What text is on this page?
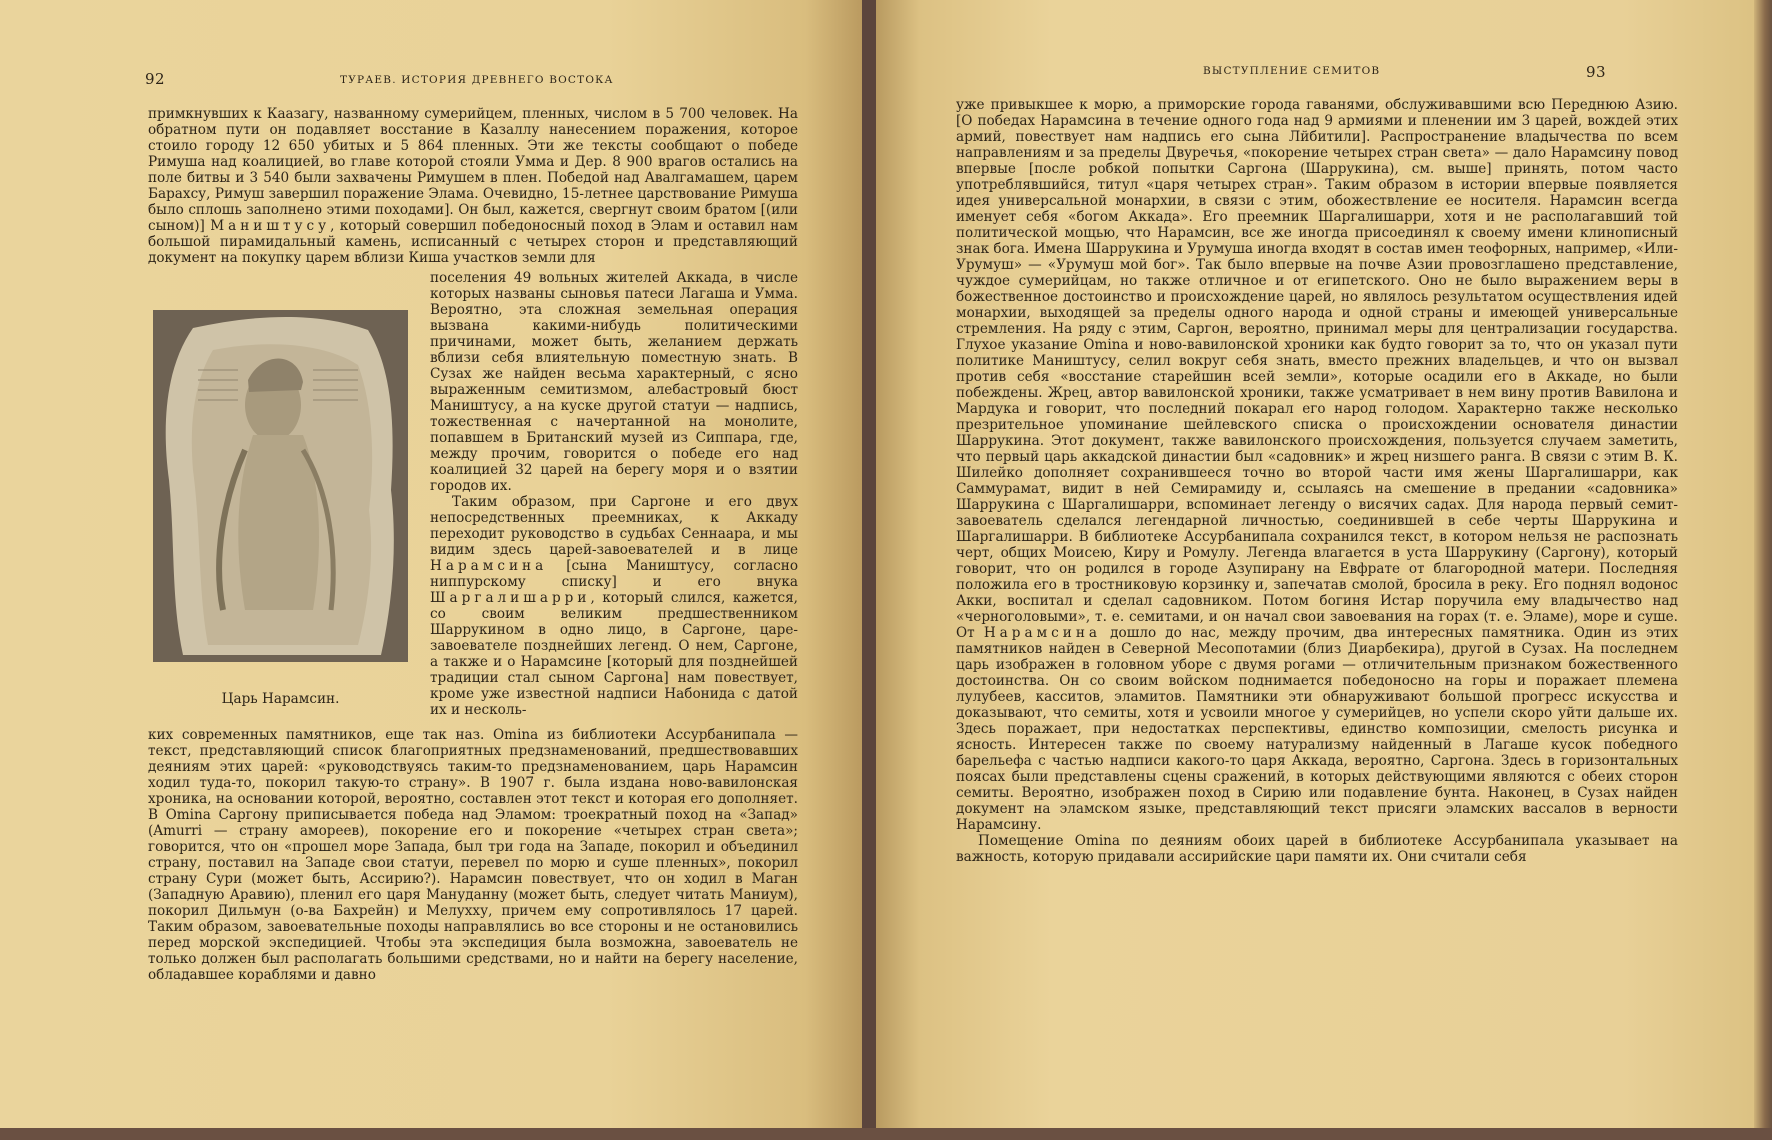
92	ТУРАЕВ. ИСТОРИЯ ДРЕВНЕГО ВОСТОКА

примкнувших к Каазагу, названному сумерийцем, пленных, числом в 5 700 человек. На обратном пути он подавляет восстание в Казаллу нанесением поражения, которое стоило городу 12 650 убитых и 5 864 пленных. Эти же тексты сообщают о победе Римуша над коалицией, во главе которой стояли Умма и Дер. 8 900 врагов остались на поле битвы и 3 540 были захвачены Римушем в плен. Победой над Авалгамашем, царем Барахсу, Римуш завершил поражение Элама. Очевидно, 15-летнее царствование Римуша было сплошь заполнено этими походами]. Он был, кажется, свергнут своим братом [(или сыном)] Маништусу, который совершил победоносный поход в Элам и оставил нам большой пирамидальный камень, исписанный с четырех сторон и представляющий документ на покупку царем вблизи Киша участков земли для

поселения 49 вольных жителей Аккада, в числе которых названы сыновья патеси Лагаша и Умма. Вероятно, эта сложная земельная операция вызвана какими-нибудь политическими причинами, может быть, желанием держать вблизи себя влиятельную поместную знать. В Сузах же найден весьма характерный, с ясно выраженным семитизмом, алебастровый бюст Маништусу, а на куске другой статуи — надпись, тожественная с начертанной на монолите, попавшем в Британский музей из Сиппара, где, между прочим, говорится о победе его над коалицией 32 царей на берегу моря и о взятии городов их.

Таким образом, при Саргоне и его двух непосредственных преемниках, к Аккаду переходит руководство в судьбах Сеннаара, и мы видим здесь царей-завоевателей и в лице Нарамсина [сына Маништусу, согласно ниппурскому списку] и его внука Шаргалишарри, который слился, кажется, со своим великим предшественником Шаррукином в одно лицо, в Саргоне, царе-завоевателе позднейших легенд. О нем, Саргоне, а также и о Нарамсине [который для позднейшей традиции стал сыном Саргона] нам повествует, кроме уже известной надписи Набонида с датой их и несколь-

Царь Нарамсин.

ких современных памятников, еще так наз. Omina из библиотеки Ассурбанипала — текст, представляющий список благоприятных предзнаменований, предшествовавших деяниям этих царей: «руководствуясь таким-то предзнаменованием, царь Нарамсин ходил туда-то, покорил такую-то страну». В 1907 г. была издана ново-вавилонская хроника, на основании которой, вероятно, составлен этот текст и которая его дополняет. В Omina Саргону приписывается победа над Эламом: троекратный поход на «Запад» (Amurri — страну амореев), покорение его и покорение «четырех стран света»; говорится, что он «прошел море Запада, был три года на Западе, покорил и объединил страну, поставил на Западе свои статуи, перевел по морю и суше пленных», покорил страну Сури (может быть, Ассирию?). Нарамсин повествует, что он ходил в Маган (Западную Аравию), пленил его царя Мануданну (может быть, следует читать Маниум), покорил Дильмун (о-ва Бахрейн) и Мелухху, причем ему сопротивлялось 17 царей. Таким образом, завоевательные походы направлялись во все стороны и не остановились перед морской экспедицией. Чтобы эта экспедиция была возможна, завоеватель не только должен был располагать большими средствами, но и найти на берегу население, обладавшее кораблями и давно

ВЫСТУПЛЕНИЕ СЕМИТОВ	93

уже привыкшее к морю, а приморские города гаванями, обслуживавшими всю Переднюю Азию. [О победах Нарамсина в течение одного года над 9 армиями и пленении им 3 царей, вождей этих армий, повествует нам надпись его сына Лйбитили]. Распространение владычества по всем направлениям и за пределы Двуречья, «покорение четырех стран света» — дало Нарамсину повод впервые [после робкой попытки Саргона (Шаррукина), см. выше] принять, потом часто употреблявшийся, титул «царя четырех стран». Таким образом в истории впервые появляется идея универсальной монархии, в связи с этим, обожествление ее носителя. Нарамсин всегда именует себя «богом Аккада». Его преемник Шаргалишарри, хотя и не располагавший той политической мощью, что Нарамсин, все же иногда присоединял к своему имени клинописный знак бога. Имена Шаррукина и Урумуша иногда входят в состав имен теофорных, например, «Или-Урумуш» — «Урумуш мой бог». Так было впервые на почве Азии провозглашено представление, чуждое сумерийцам, но также отличное и от египетского. Оно не было выражением веры в божественное достоинство и происхождение царей, но являлось результатом осуществления идей монархии, выходящей за пределы одного народа и одной страны и имеющей универсальные стремления. На ряду с этим, Саргон, вероятно, принимал меры для централизации государства. Глухое указание Omina и ново-вавилонской хроники как будто говорит за то, что он указал пути политике Маништусу, селил вокруг себя знать, вместо прежних владельцев, и что он вызвал против себя «восстание старейшин всей земли», которые осадили его в Аккаде, но были побеждены. Жрец, автор вавилонской хроники, также усматривает в нем вину против Вавилона и Мардука и говорит, что последний покарал его народ голодом. Характерно также несколько презрительное упоминание шейлевского списка о происхождении основателя династии Шаррукина. Этот документ, также вавилонского происхождения, пользуется случаем заметить, что первый царь аккадской династии был «садовник» и жрец низшего ранга. В связи с этим В. К. Шилейко дополняет сохранившееся точно во второй части имя жены Шаргалишарри, как Саммурамат, видит в ней Семирамиду и, ссылаясь на смешение в предании «садовника» Шаррукина с Шаргалишарри, вспоминает легенду о висячих садах. Для народа первый семит-завоеватель сделался легендарной личностью, соединившей в себе черты Шаррукина и Шаргалишарри. В библиотеке Ассурбанипала сохранился текст, в котором нельзя не распознать черт, общих Моисею, Киру и Ромулу. Легенда влагается в уста Шаррукину (Саргону), который говорит, что он родился в городе Азупирану на Евфрате от благородной матери. Последняя положила его в тростниковую корзинку и, запечатав смолой, бросила в реку. Его поднял водонос Акки, воспитал и сделал садовником. Потом богиня Истар поручила ему владычество над «черноголовыми», т. е. семитами, и он начал свои завоевания на горах (т. е. Эламе), море и суше. От Нарамсина дошло до нас, между прочим, два интересных памятника. Один из этих памятников найден в Северной Месопотамии (близ Диарбекира), другой в Сузах. На последнем царь изображен в головном уборе с двумя рогами — отличительным признаком божественного достоинства. Он со своим войском поднимается победоносно на горы и поражает племена лулубеев, касситов, эламитов. Памятники эти обнаруживают большой прогресс искусства и доказывают, что семиты, хотя и усвоили многое у сумерийцев, но успели скоро уйти дальше их. Здесь поражает, при недостатках перспективы, единство композиции, смелость рисунка и ясность. Интересен также по своему натурализму найденный в Лагаше кусок победного барельефа с частью надписи какого-то царя Аккада, вероятно, Саргона. Здесь в горизонтальных поясах были представлены сцены сражений, в которых действующими являются с обеих сторон семиты. Вероятно, изображен поход в Сирию или подавление бунта. Наконец, в Сузах найден документ на эламском языке, представляющий текст присяги эламских вассалов в верности Нарамсину.

Помещение Omina по деяниям обоих царей в библиотеке Ассурбанипала указывает на важность, которую придавали ассирийские цари памяти их. Они считали себя
